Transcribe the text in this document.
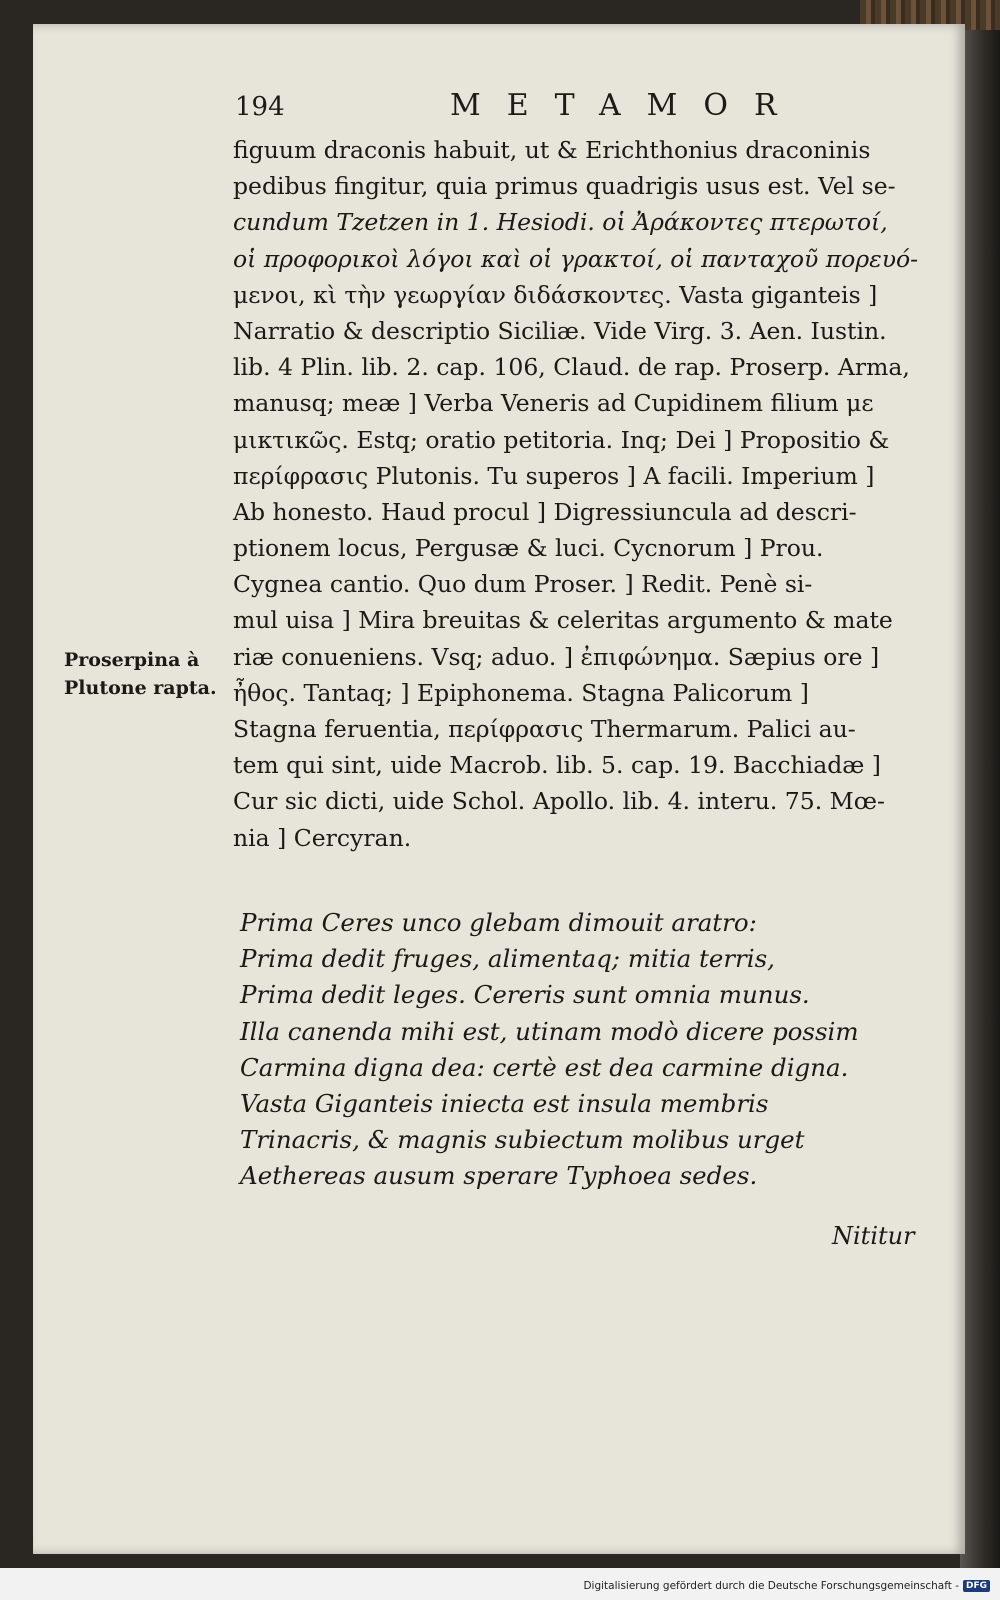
194	METAMOR
figuum draconis habuit, ut & Erichthonius draconinis
pedibus fingitur, quia primus quadrigis usus est. Vel se-
cundum Tzetzen in 1. Hesiodi. οἱ Ἀράκοντες πτερωτοί,
οἱ προφορικοὶ λόγοι καὶ οἱ γρακτοί, οἱ πανταχοῦ πορευό-
μενοι, κὶ τὴν γεωργίαν διδάσκοντες. Vasta giganteis ]
Narratio & descriptio Siciliæ. Vide Virg. 3. Aen. Iustin.
lib. 4 Plin. lib. 2. cap. 106, Claud. de rap. Proserp. Arma,
manusq; meæ ] Verba Veneris ad Cupidinem filium με
μικτικῶς. Estq; oratio petitoria. Inq; Dei ] Propositio &
περίφρασις Plutonis. Tu superos ] A facili. Imperium ]
Ab honesto. Haud procul ] Digressiuncula ad descri-
ptionem locus, Pergusæ & luci. Cycnorum ] Prou.
Cygnea cantio. Quo dum Proser. ] Redit. Penè si-
mul uisa ] Mira breuitas & celeritas argumento & mate
riæ conueniens. Vsq; aduo. ] ἐπιφώνημα. Sæpius ore ]
ἦθος. Tantaq; ] Epiphonema. Stagna Palicorum ]
Stagna feruentia, περίφρασις Thermarum. Palici au-
tem qui sint, uide Macrob. lib. 5. cap. 19. Bacchiadæ ]
Cur sic dicti, uide Schol. Apollo. lib. 4. interu. 75. Mœ-
nia ] Cercyran.
Proserpina à
Plutone rapta.
Prima Ceres unco glebam dimouit aratro:
Prima dedit fruges, alimentaq; mitia terris,
Prima dedit leges. Cereris sunt omnia munus.
Illa canenda mihi est, utinam modò dicere possim
Carmina digna dea: certè est dea carmine digna.
Vasta Giganteis iniecta est insula membris
Trinacris, & magnis subiectum molibus urget
Aethereas ausum sperare Typhoea sedes.
Nititur
Digitalisierung gefördert durch die Deutsche Forschungsgemeinschaft - DFG
